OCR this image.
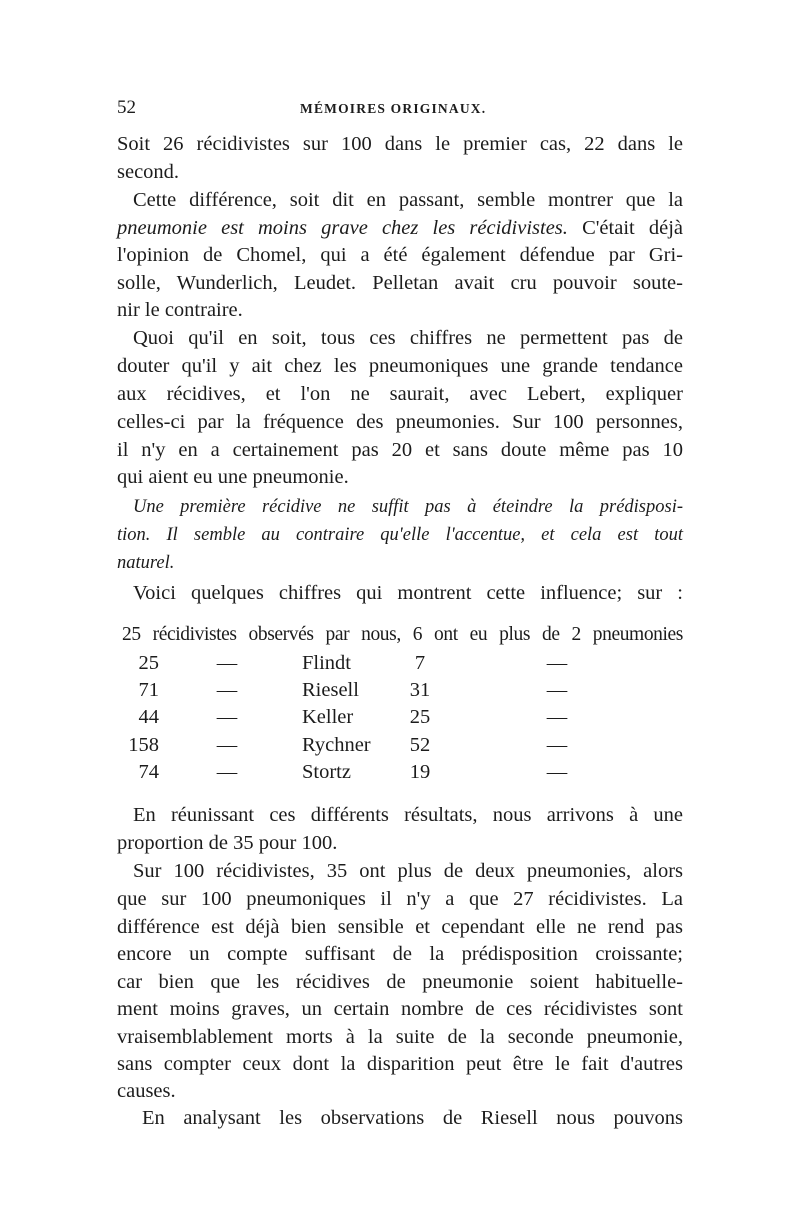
52	MÉMOIRES ORIGINAUX.
Soit 26 récidivistes sur 100 dans le premier cas, 22 dans le
second.
Cette différence, soit dit en passant, semble montrer que la
pneumonie est moins grave chez les récidivistes. C'était déjà
l'opinion de Chomel, qui a été également défendue par Gri-
solle, Wunderlich, Leudet. Pelletan avait cru pouvoir soute-
nir le contraire.
Quoi qu'il en soit, tous ces chiffres ne permettent pas de
douter qu'il y ait chez les pneumoniques une grande tendance
aux récidives, et l'on ne saurait, avec Lebert, expliquer
celles-ci par la fréquence des pneumonies. Sur 100 personnes,
il n'y en a certainement pas 20 et sans doute même pas 10
qui aient eu une pneumonie.
Une première récidive ne suffit pas à éteindre la prédisposi-
tion. Il semble au contraire qu'elle l'accentue, et cela est tout
naturel.
Voici quelques chiffres qui montrent cette influence; sur :
25 récidivistes observés par nous, 6 ont eu plus de 2 pneumonies
25	—	Flindt	7	—
71	—	Riesell	31	—
44	—	Keller	25	—
158	—	Rychner	52	—
74	—	Stortz	19	—
En réunissant ces différents résultats, nous arrivons à une
proportion de 35 pour 100.
Sur 100 récidivistes, 35 ont plus de deux pneumonies, alors
que sur 100 pneumoniques il n'y a que 27 récidivistes. La
différence est déjà bien sensible et cependant elle ne rend pas
encore un compte suffisant de la prédisposition croissante;
car bien que les récidives de pneumonie soient habituelle-
ment moins graves, un certain nombre de ces récidivistes sont
vraisemblablement morts à la suite de la seconde pneumonie,
sans compter ceux dont la disparition peut être le fait d'autres
causes.
En analysant les observations de Riesell nous pouvons
